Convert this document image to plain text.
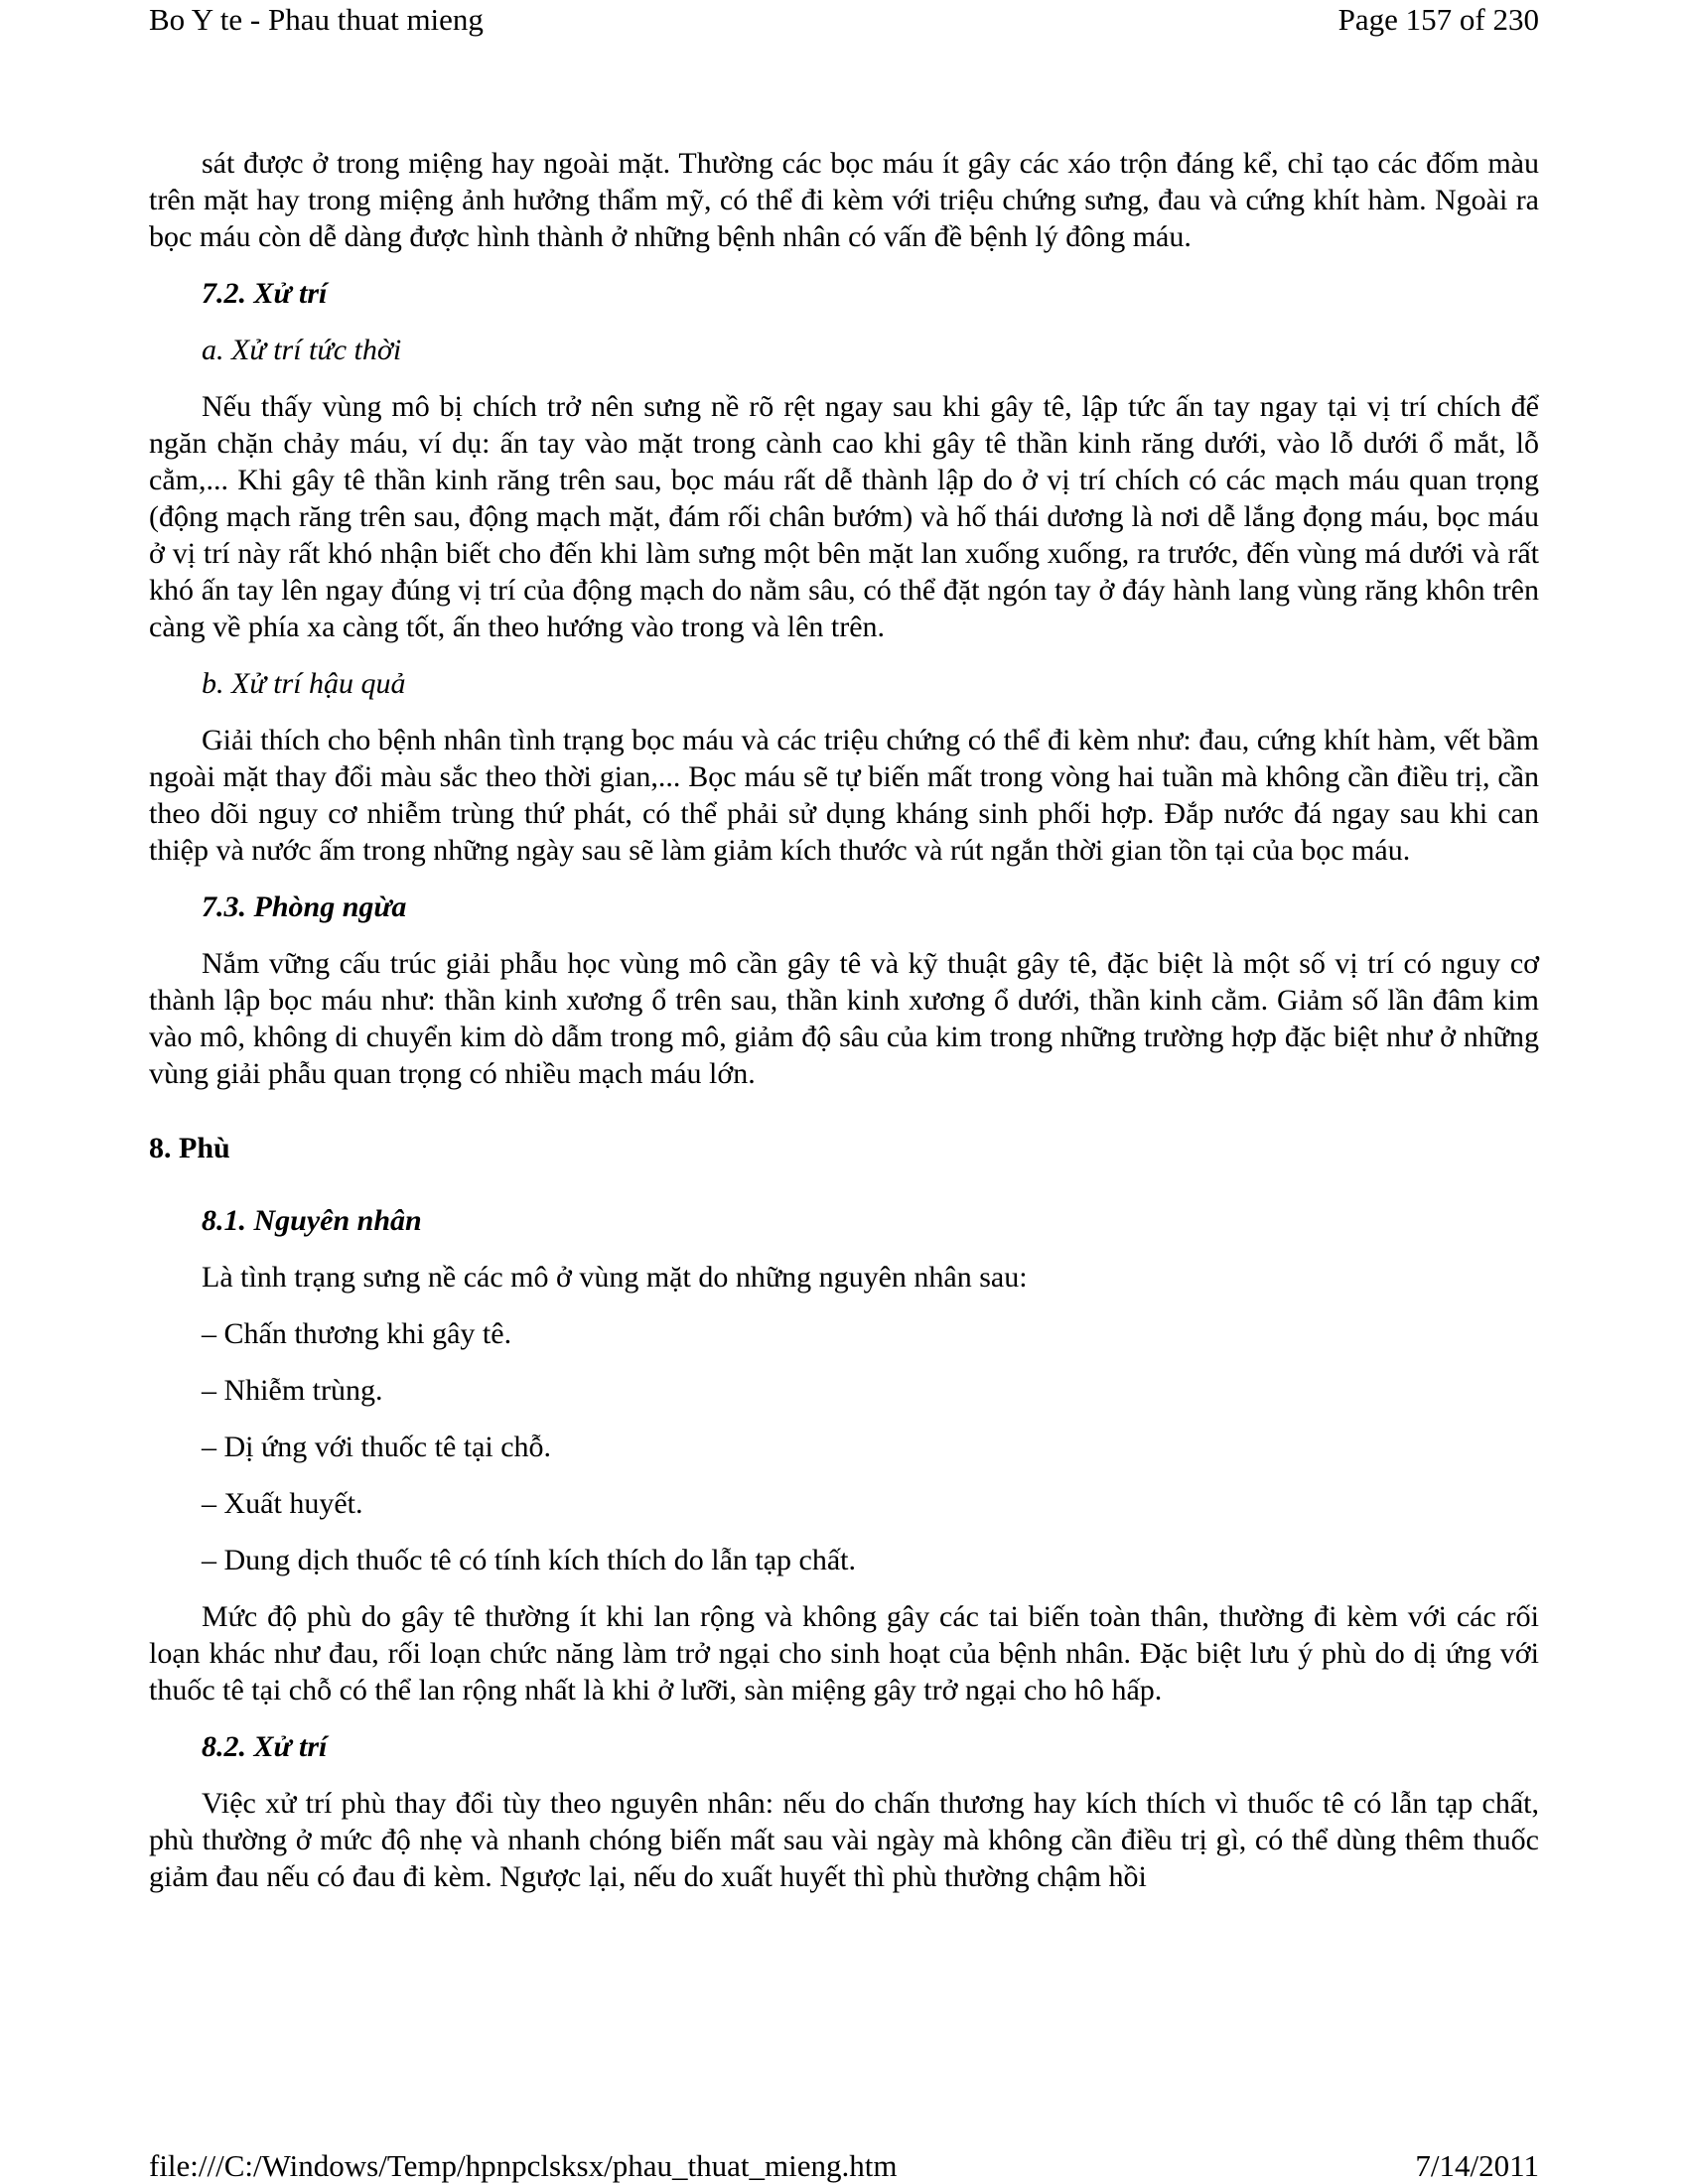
Bo Y te - Phau thuat mieng	Page 157 of 230

sát được ở trong miệng hay ngoài mặt. Thường các bọc máu ít gây các xáo trộn đáng kể, chỉ tạo các đốm màu trên mặt hay trong miệng ảnh hưởng thẩm mỹ, có thể đi kèm với triệu chứng sưng, đau và cứng khít hàm. Ngoài ra bọc máu còn dễ dàng được hình thành ở những bệnh nhân có vấn đề bệnh lý đông máu.

7.2. Xử trí

a. Xử trí tức thời

Nếu thấy vùng mô bị chích trở nên sưng nề rõ rệt ngay sau khi gây tê, lập tức ấn tay ngay tại vị trí chích để ngăn chặn chảy máu, ví dụ: ấn tay vào mặt trong cành cao khi gây tê thần kinh răng dưới, vào lỗ dưới ổ mắt, lỗ cằm,... Khi gây tê thần kinh răng trên sau, bọc máu rất dễ thành lập do ở vị trí chích có các mạch máu quan trọng (động mạch răng trên sau, động mạch mặt, đám rối chân bướm) và hố thái dương là nơi dễ lắng đọng máu, bọc máu ở vị trí này rất khó nhận biết cho đến khi làm sưng một bên mặt lan xuống xuống, ra trước, đến vùng má dưới và rất khó ấn tay lên ngay đúng vị trí của động mạch do nằm sâu, có thể đặt ngón tay ở đáy hành lang vùng răng khôn trên càng về phía xa càng tốt, ấn theo hướng vào trong và lên trên.

b. Xử trí hậu quả

Giải thích cho bệnh nhân tình trạng bọc máu và các triệu chứng có thể đi kèm như: đau, cứng khít hàm, vết bầm ngoài mặt thay đổi màu sắc theo thời gian,... Bọc máu sẽ tự biến mất trong vòng hai tuần mà không cần điều trị, cần theo dõi nguy cơ nhiễm trùng thứ phát, có thể phải sử dụng kháng sinh phối hợp. Đắp nước đá ngay sau khi can thiệp và nước ấm trong những ngày sau sẽ làm giảm kích thước và rút ngắn thời gian tồn tại của bọc máu.

7.3. Phòng ngừa

Nắm vững cấu trúc giải phẫu học vùng mô cần gây tê và kỹ thuật gây tê, đặc biệt là một số vị trí có nguy cơ thành lập bọc máu như: thần kinh xương ổ trên sau, thần kinh xương ổ dưới, thần kinh cằm. Giảm số lần đâm kim vào mô, không di chuyển kim dò dẫm trong mô, giảm độ sâu của kim trong những trường hợp đặc biệt như ở những vùng giải phẫu quan trọng có nhiều mạch máu lớn.

8. Phù

8.1. Nguyên nhân

Là tình trạng sưng nề các mô ở vùng mặt do những nguyên nhân sau:

– Chấn thương khi gây tê.

– Nhiễm trùng.

– Dị ứng với thuốc tê tại chỗ.

– Xuất huyết.

– Dung dịch thuốc tê có tính kích thích do lẫn tạp chất.

Mức độ phù do gây tê thường ít khi lan rộng và không gây các tai biến toàn thân, thường đi kèm với các rối loạn khác như đau, rối loạn chức năng làm trở ngại cho sinh hoạt của bệnh nhân. Đặc biệt lưu ý phù do dị ứng với thuốc tê tại chỗ có thể lan rộng nhất là khi ở lưỡi, sàn miệng gây trở ngại cho hô hấp.

8.2. Xử trí

Việc xử trí phù thay đổi tùy theo nguyên nhân: nếu do chấn thương hay kích thích vì thuốc tê có lẫn tạp chất, phù thường ở mức độ nhẹ và nhanh chóng biến mất sau vài ngày mà không cần điều trị gì, có thể dùng thêm thuốc giảm đau nếu có đau đi kèm. Ngược lại, nếu do xuất huyết thì phù thường chậm hồi

file:///C:/Windows/Temp/hpnpclsksx/phau_thuat_mieng.htm	7/14/2011
